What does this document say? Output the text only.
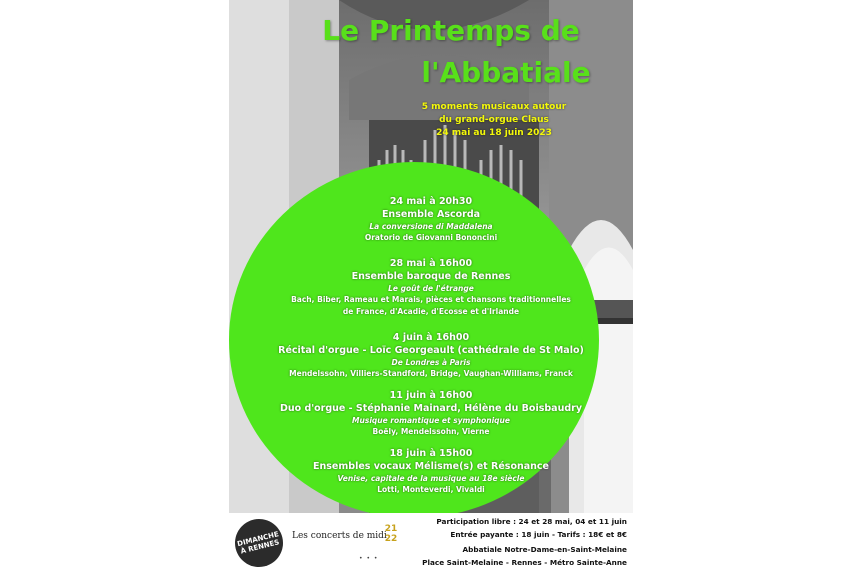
Le Printemps de
l'Abbatiale
5 moments musicaux autour
du grand-orgue Claus
24 mai au 18 juin 2023
24 mai à 20h30
Ensemble Ascorda
La conversione di Maddalena
Oratorio de Giovanni Bononcini
28 mai à 16h00
Ensemble baroque de Rennes
Le goût de l'étrange
Bach, Biber, Rameau et Marais, pièces et chansons traditionnelles
de France, d'Acadie, d'Ecosse et d'Irlande
4 juin à 16h00
Récital d'orgue - Loïc Georgeault (cathédrale de St Malo)
De Londres à Paris
Mendelssohn, Villiers-Standford, Bridge, Vaughan-Williams, Franck
11 juin à 16h00
Duo d'orgue - Stéphanie Mainard, Hélène du Boisbaudry
Musique romantique et symphonique
Boëly, Mendelssohn, Vierne
18 juin à 15h00
Ensembles vocaux Mélisme(s) et Résonance
Venise, capitale de la musique au 18e siècle
Lotti, Monteverdi, Vivaldi
DIMANCHE À RENNES
Les concerts de midi
21
22
• • •
Participation libre : 24 et 28 mai, 04 et 11 juin
Entrée payante : 18 juin - Tarifs : 18€ et 8€
Abbatiale Notre-Dame-en-Saint-Melaine
Place Saint-Melaine - Rennes - Métro Sainte-Anne
